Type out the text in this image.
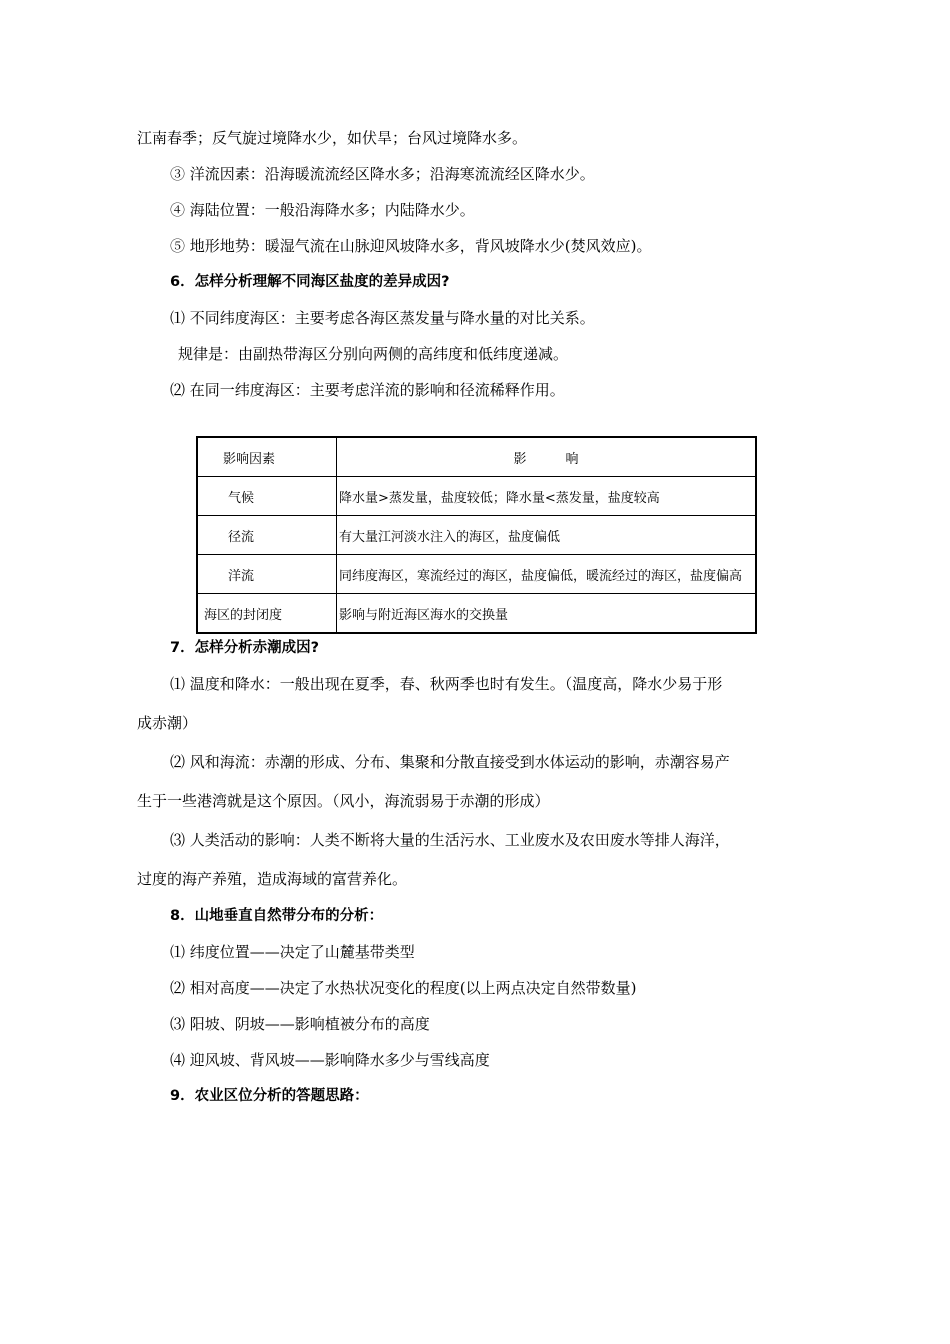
江南春季；反气旋过境降水少，如伏旱；台风过境降水多。
③ 洋流因素：沿海暖流流经区降水多；沿海寒流流经区降水少。
④ 海陆位置：一般沿海降水多；内陆降水少。
⑤ 地形地势：暖湿气流在山脉迎风坡降水多，背风坡降水少(焚风效应)。
6．怎样分析理解不同海区盐度的差异成因?
⑴ 不同纬度海区：主要考虑各海区蒸发量与降水量的对比关系。
规律是：由副热带海区分别向两侧的高纬度和低纬度递减。
⑵ 在同一纬度海区：主要考虑洋流的影响和径流稀释作用。
影响因素	影　　　响
气候	降水量>蒸发量，盐度较低；降水量<蒸发量，盐度较高
径流	有大量江河淡水注入的海区，盐度偏低
洋流	同纬度海区，寒流经过的海区，盐度偏低，暖流经过的海区，盐度偏高
海区的封闭度	影响与附近海区海水的交换量
7．怎样分析赤潮成因?
⑴ 温度和降水：一般出现在夏季，春、秋两季也时有发生。（温度高，降水少易于形
成赤潮）
⑵ 风和海流：赤潮的形成、分布、集聚和分散直接受到水体运动的影响，赤潮容易产
生于一些港湾就是这个原因。（风小，海流弱易于赤潮的形成）
⑶ 人类活动的影响：人类不断将大量的生活污水、工业废水及农田废水等排人海洋，
过度的海产养殖，造成海域的富营养化。
8．山地垂直自然带分布的分析：
⑴ 纬度位置——决定了山麓基带类型
⑵ 相对高度——决定了水热状况变化的程度(以上两点决定自然带数量)
⑶ 阳坡、阴坡——影响植被分布的高度
⑷ 迎风坡、背风坡——影响降水多少与雪线高度
9．农业区位分析的答题思路：
